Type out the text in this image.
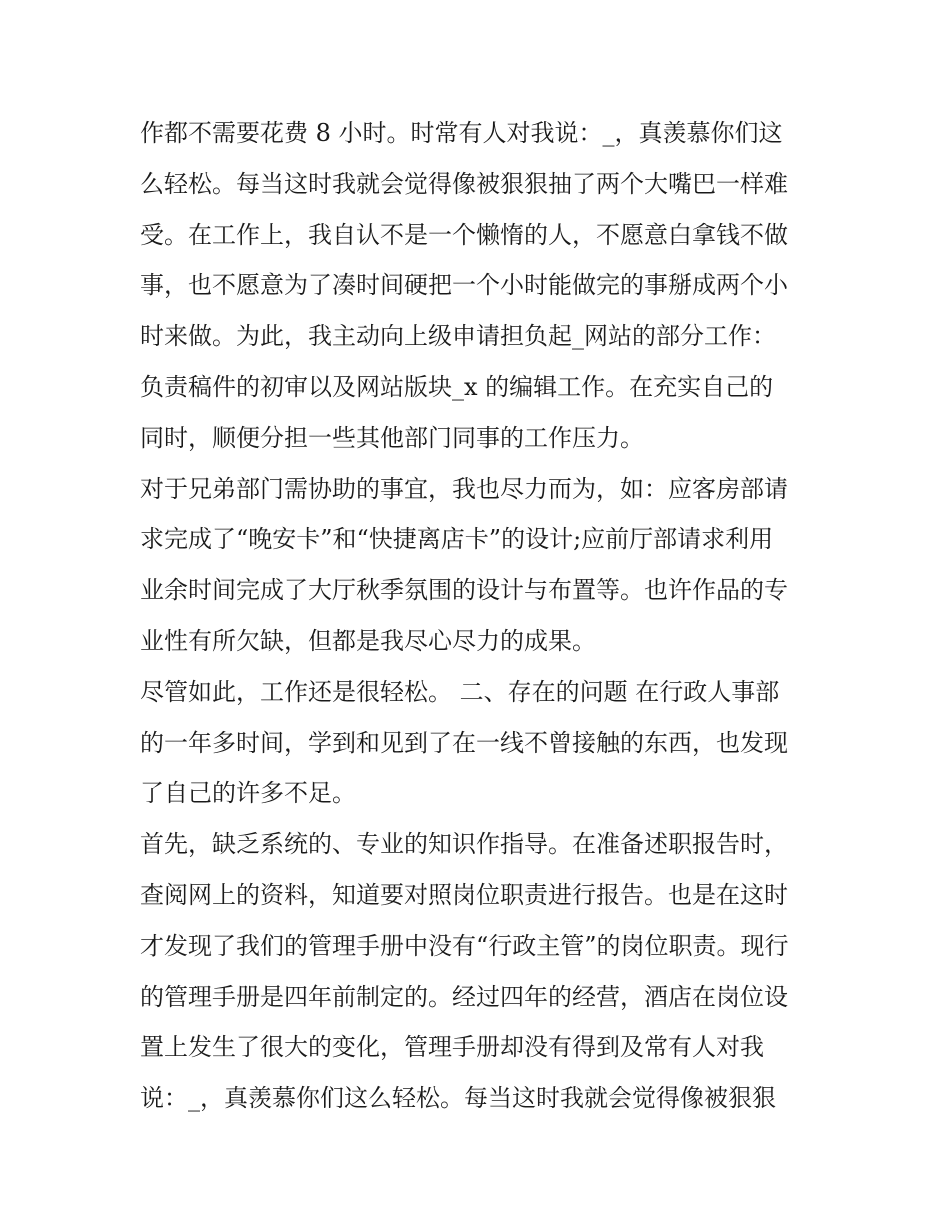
作都不需要花费 8 小时。时常有人对我说：_，真羡慕你们这
么轻松。每当这时我就会觉得像被狠狠抽了两个大嘴巴一样难
受。在工作上，我自认不是一个懒惰的人，不愿意白拿钱不做
事，也不愿意为了凑时间硬把一个小时能做完的事掰成两个小
时来做。为此，我主动向上级申请担负起_网站的部分工作：
负责稿件的初审以及网站版块_x 的编辑工作。在充实自己的
同时，顺便分担一些其他部门同事的工作压力。
对于兄弟部门需协助的事宜，我也尽力而为，如：应客房部请
求完成了“晚安卡”和“快捷离店卡”的设计;应前厅部请求利用
业余时间完成了大厅秋季氛围的设计与布置等。也许作品的专
业性有所欠缺，但都是我尽心尽力的成果。
尽管如此，工作还是很轻松。 二、存在的问题 在行政人事部
的一年多时间，学到和见到了在一线不曾接触的东西，也发现
了自己的许多不足。
首先，缺乏系统的、专业的知识作指导。在准备述职报告时，
查阅网上的资料，知道要对照岗位职责进行报告。也是在这时
才发现了我们的管理手册中没有“行政主管”的岗位职责。现行
的管理手册是四年前制定的。经过四年的经营，酒店在岗位设
置上发生了很大的变化，管理手册却没有得到及常有人对我
说：_，真羡慕你们这么轻松。每当这时我就会觉得像被狠狠
